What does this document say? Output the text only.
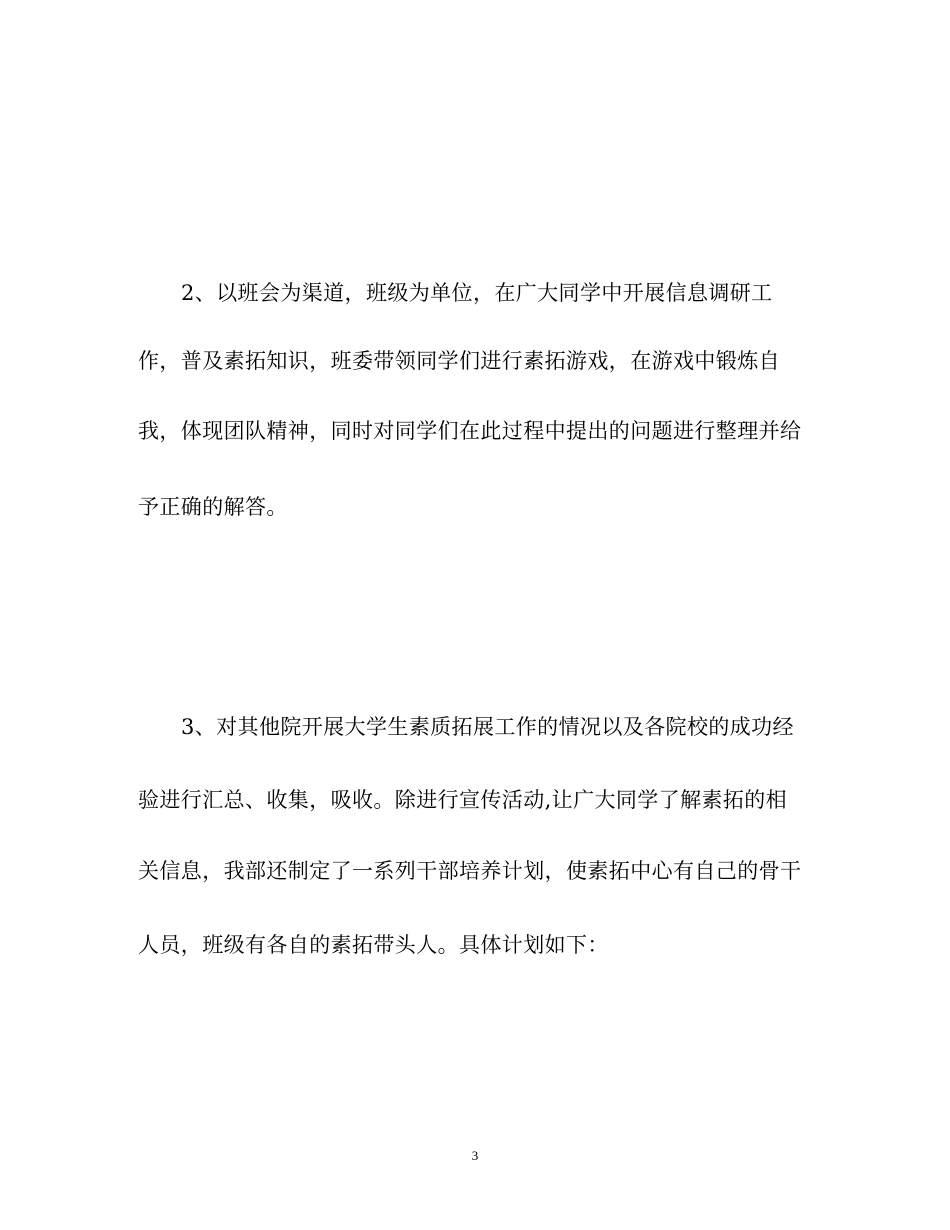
2、以班会为渠道，班级为单位，在广大同学中开展信息调研工
作，普及素拓知识，班委带领同学们进行素拓游戏，在游戏中锻炼自
我，体现团队精神，同时对同学们在此过程中提出的问题进行整理并给
予正确的解答。
3、对其他院开展大学生素质拓展工作的情况以及各院校的成功经
验进行汇总、收集，吸收。除进行宣传活动,让广大同学了解素拓的相
关信息，我部还制定了一系列干部培养计划，使素拓中心有自己的骨干
人员，班级有各自的素拓带头人。具体计划如下：
3
